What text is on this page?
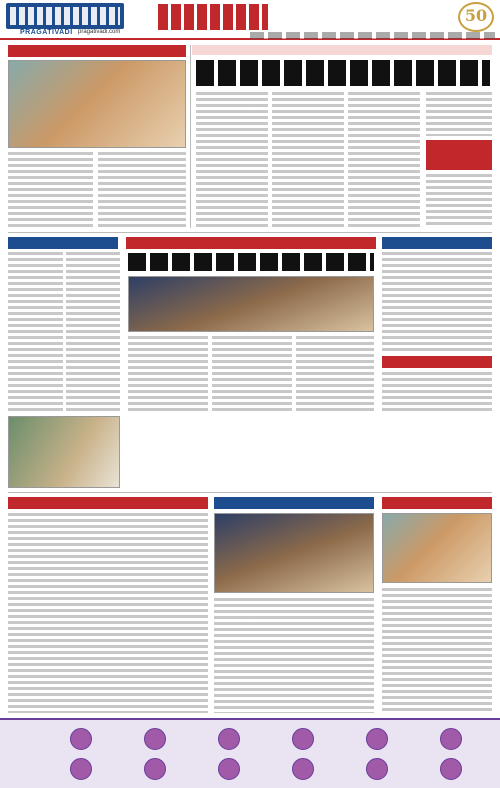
PRAGATIVADI pragativadi.com
50
